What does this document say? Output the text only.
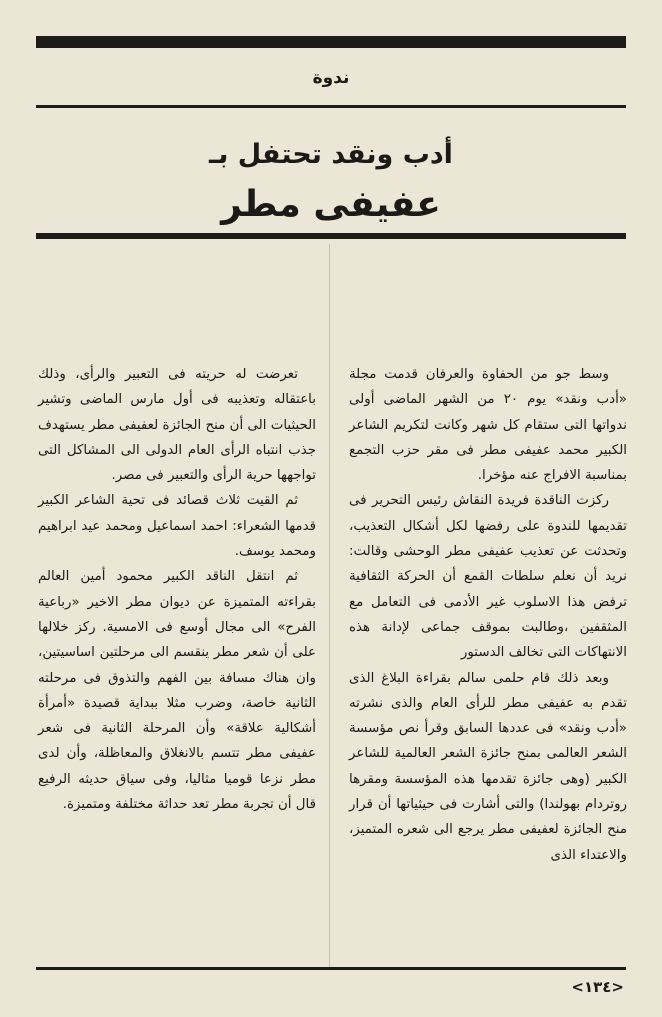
ندوة
أدب ونقد تحتفل بـ
عفيفى مطر

وسط جو من الحفاوة والعرفان قدمت مجلة «أدب ونقد» يوم ٢٠ من الشهر الماضى أولى ندواتها التى ستقام كل شهر وكانت لتكريم الشاعر الكبير محمد عفيفى مطر فى مقر حزب التجمع بمناسبة الافراج عنه مؤخرا.

ركزت الناقدة فريدة النقاش رئيس التحرير فى تقديمها للندوة على رفضها لكل أشكال التعذيب، وتحدثت عن تعذيب عفيفى مطر الوحشى وقالت: نريد أن نعلم سلطات القمع أن الحركة الثقافية ترفض هذا الاسلوب غير الأدمى فى التعامل مع المثقفين ،وطالبت بموقف جماعى لإدانة هذه الانتهاكات التى تخالف الدستور

وبعد ذلك قام حلمى سالم بقراءة البلاغ الذى تقدم به عفيفى مطر للرأى العام والذى نشرته «أدب ونقد» فى عددها السابق وقرأ نص مؤسسة الشعر العالمى بمنح جائزة الشعر العالمية للشاعر الكبير (وهى جائزة تقدمها هذه المؤسسة ومقرها روتردام بهولندا) والتى أشارت فى حيثياتها أن قرار منح الجائزة لعفيفى مطر يرجع الى شعره المتميز، والاعتداء الذى

تعرضت له حريته فى التعبير والرأى، وذلك باعتقاله وتعذيبه فى أول مارس الماضى وتشير الحيثيات الى أن منح الجائزة لعفيفى مطر يستهدف جذب انتباه الرأى العام الدولى الى المشاكل التى تواجهها حرية الرأى والتعبير فى مصر.

ثم القيت ثلاث قصائد فى تحية الشاعر الكبير قدمها الشعراء: احمد اسماعيل ومحمد عيد ابراهيم ومحمد يوسف.

ثم انتقل الناقد الكبير محمود أمين العالم بقراءته المتميزة عن ديوان مطر الاخير «رباعية الفرح» الى مجال أوسع فى الامسية. ركز خلالها على أن شعر مطر ينقسم الى مرحلتين اساسيتين، وان هناك مسافة بين الفهم والتذوق فى مرحلته الثانية خاصة، وضرب مثلا ببداية قصيدة «أمرأة أشكالية علاقة» وأن المرحلة الثانية فى شعر عفيفى مطر تتسم بالانغلاق والمعاظلة، وأن لدى مطر نزعا قوميا مثاليا، وفى سياق حديثه الرفيع قال أن تجربة مطر تعد حداثة مختلفة ومتميزة.

<١٣٤>
